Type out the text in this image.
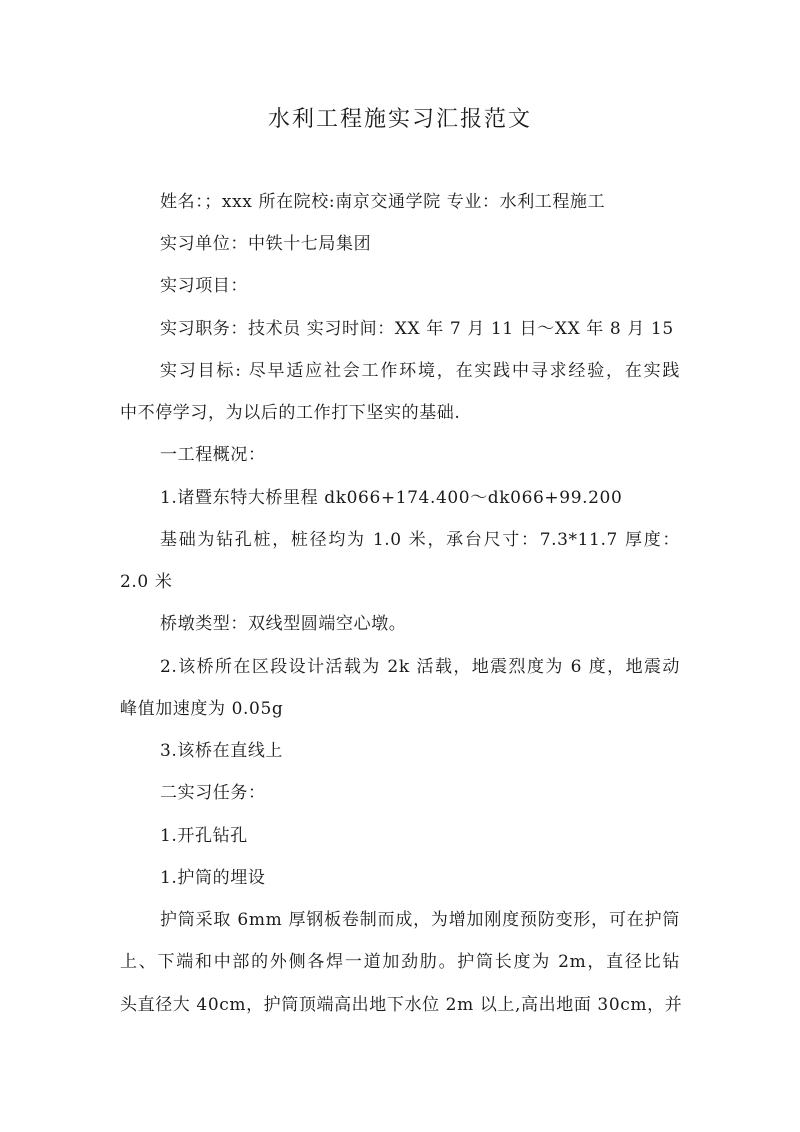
水利工程施实习汇报范文
姓名：；xxx 所在院校:南京交通学院 专业：水利工程施工
实习单位：中铁十七局集团
实习项目：
实习职务：技术员 实习时间：XX 年 7 月 11 日～XX 年 8 月 15
实习目标: 尽早适应社会工作环境，在实践中寻求经验，在实践
中不停学习，为以后的工作打下坚实的基础.
一工程概况：
1.诸暨东特大桥里程 dk066+174.400～dk066+99.200
基础为钻孔桩，桩径均为 1.0 米，承台尺寸：7.3*11.7 厚度：
2.0 米
桥墩类型：双线型圆端空心墩。
2.该桥所在区段设计活载为 2k 活载，地震烈度为 6 度，地震动
峰值加速度为 0.05g
3.该桥在直线上
二实习任务：
1.开孔钻孔
1.护筒的埋设
护筒采取 6mm 厚钢板卷制而成，为增加刚度预防变形，可在护筒
上、下端和中部的外侧各焊一道加劲肋。护筒长度为 2m，直径比钻
头直径大 40cm，护筒顶端高出地下水位 2m 以上,高出地面 30cm，并
